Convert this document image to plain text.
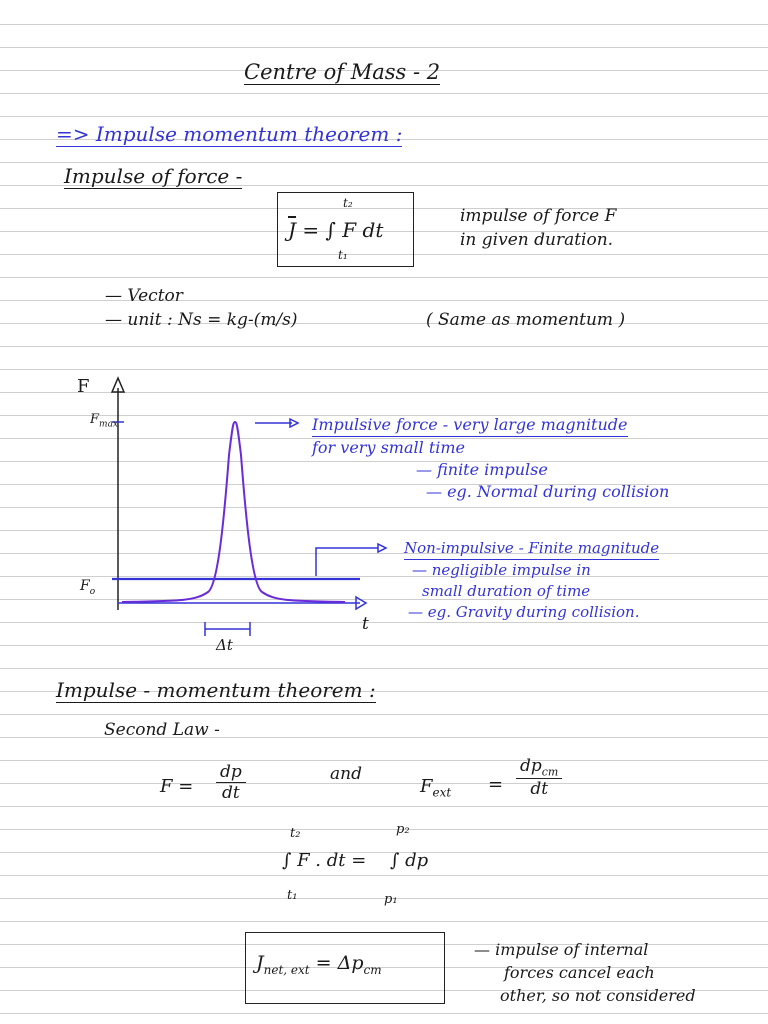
Centre of Mass - 2
=> Impulse momentum theorem :
Impulse of force -
$\overline{J}$ = ∫ F dt
t₂
t₁
impulse of force F
in given duration.
— Vector
— unit : Ns = kg-(m/s)	( Same as momentum )
F
$F_{max}$
$F_o$
t
Δt
Impulsive force - very large magnitude
for very small time
— finite impulse
— eg. Normal during collision
Non-impulsive - Finite magnitude
— negligible impulse in
small duration of time
— eg. Gravity during collision.
Impulse - momentum theorem :
Second Law -
$F = \frac{dp}{dt}$	and
$F_{ext}$ =
$dp_{cm}$
dt
t₂
t₁
∫ F . dt =
p₂
p₁
∫ dp
$J_{net, ext} = \Delta p_{cm}$
— impulse of internal
forces cancel each
other, so not considered
